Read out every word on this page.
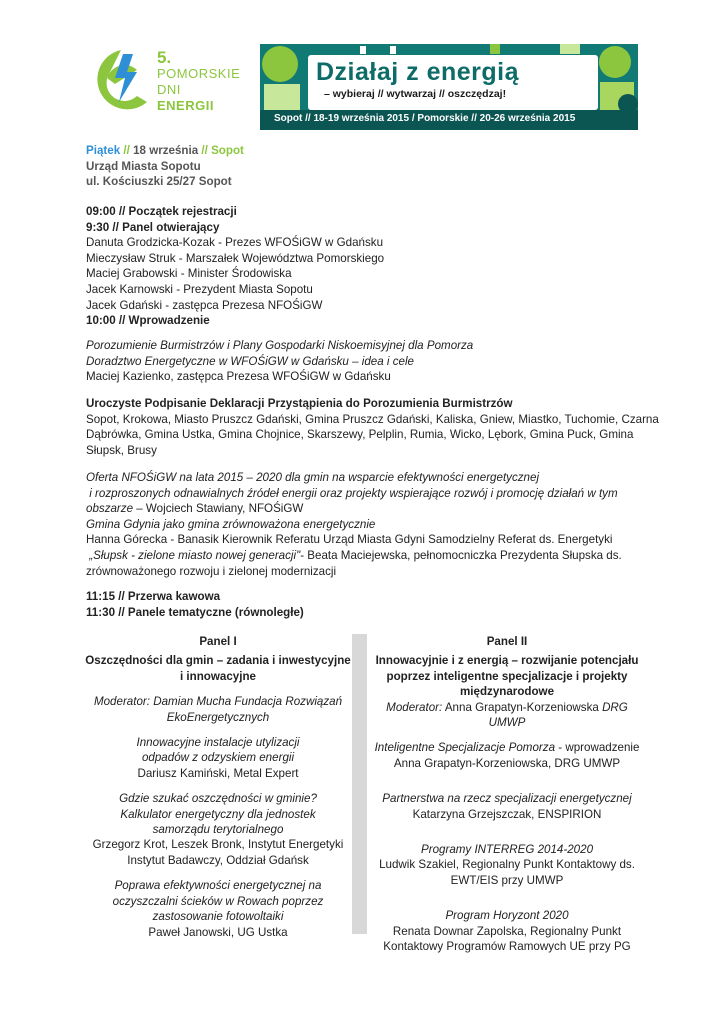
5.
POMORSKIE
DNI
ENERGII
Działaj z energią
– wybieraj // wytwarzaj // oszczędzaj!
Sopot // 18-19 września 2015 / Pomorskie // 20-26 września 2015
Piątek // 18 września // Sopot
Urząd Miasta Sopotu
ul. Kościuszki 25/27 Sopot
09:00 // Początek rejestracji
9:30 // Panel otwierający
Danuta Grodzicka-Kozak - Prezes WFOŚiGW w Gdańsku
Mieczysław Struk - Marszałek Województwa Pomorskiego
Maciej Grabowski - Minister Środowiska
Jacek Karnowski - Prezydent Miasta Sopotu
Jacek Gdański - zastępca Prezesa NFOŚiGW
10:00 // Wprowadzenie
Porozumienie Burmistrzów i Plany Gospodarki Niskoemisyjnej dla Pomorza
Doradztwo Energetyczne w WFOŚiGW w Gdańsku – idea i cele
Maciej Kazienko, zastępca Prezesa WFOŚiGW w Gdańsku
Uroczyste Podpisanie Deklaracji Przystąpienia do Porozumienia Burmistrzów
Sopot, Krokowa, Miasto Pruszcz Gdański, Gmina Pruszcz Gdański, Kaliska, Gniew, Miastko, Tuchomie, Czarna
Dąbrówka, Gmina Ustka, Gmina Chojnice, Skarszewy, Pelplin, Rumia, Wicko, Lębork, Gmina Puck, Gmina
Słupsk, Brusy
Oferta NFOŚiGW na lata 2015 – 2020 dla gmin na wsparcie efektywności energetycznej
i rozproszonych odnawialnych źródeł energii oraz projekty wspierające rozwój i promocję działań w tym
obszarze – Wojciech Stawiany, NFOŚiGW
Gmina Gdynia jako gmina zrównoważona energetycznie
Hanna Górecka - Banasik Kierownik Referatu Urząd Miasta Gdyni Samodzielny Referat ds. Energetyki
„Słupsk - zielone miasto nowej generacji"- Beata Maciejewska, pełnomocniczka Prezydenta Słupska ds.
zrównoważonego rozwoju i zielonej modernizacji
11:15 // Przerwa kawowa
11:30 // Panele tematyczne (równoległe)

Panel I

Oszczędności dla gmin – zadania i inwestycyjne i innowacyjne

Moderator: Damian Mucha Fundacja Rozwiązań EkoEnergetycznych

Innowacyjne instalacje utylizacji odpadów z odzyskiem energii

Dariusz Kamiński, Metal Expert

Gdzie szukać oszczędności w gminie? Kalkulator energetyczny dla jednostek samorządu terytorialnego

Grzegorz Krot, Leszek Bronk, Instytut Energetyki Instytut Badawczy, Oddział Gdańsk

Poprawa efektywności energetycznej na oczyszczalni ścieków w Rowach poprzez zastosowanie fotowoltaiki

Paweł Janowski, UG Ustka

Panel II

Innowacyjnie i z energią – rozwijanie potencjału poprzez inteligentne specjalizacje i projekty międzynarodowe

Moderator: Anna Grapatyn-Korzeniowska DRG UMWP

Inteligentne Specjalizacje Pomorza - wprowadzenie Anna Grapatyn-Korzeniowska, DRG UMWP

Partnerstwa na rzecz specjalizacji energetycznej

Katarzyna Grzejszczak, ENSPIRION

Programy INTERREG 2014-2020

Ludwik Szakiel, Regionalny Punkt Kontaktowy ds. EWT/EIS przy UMWP

Program Horyzont 2020

Renata Downar Zapolska, Regionalny Punkt Kontaktowy Programów Ramowych UE przy PG
